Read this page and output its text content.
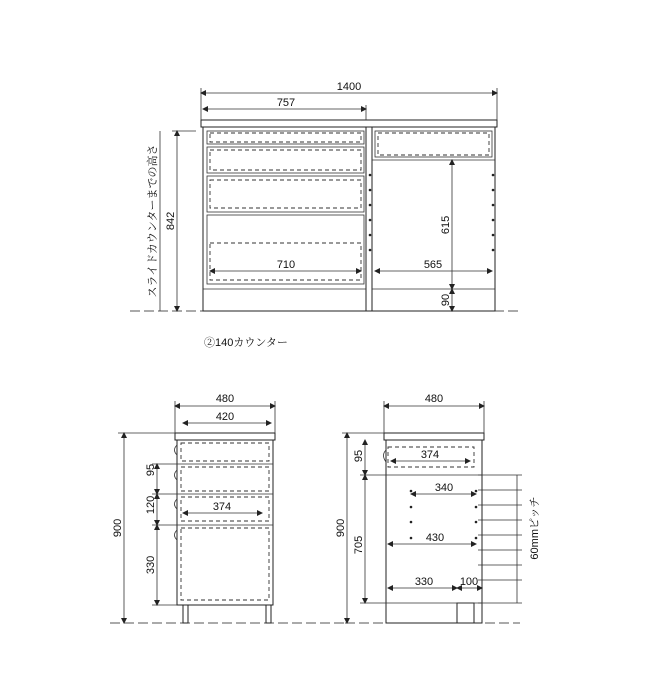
1400
757
842
スライドカウンターまでの高さ	710	565
615
90
②140カウンター
480
420
374
900
95
120
330
480
374
340
430
330 100
900
95
705	60mmピッチ
